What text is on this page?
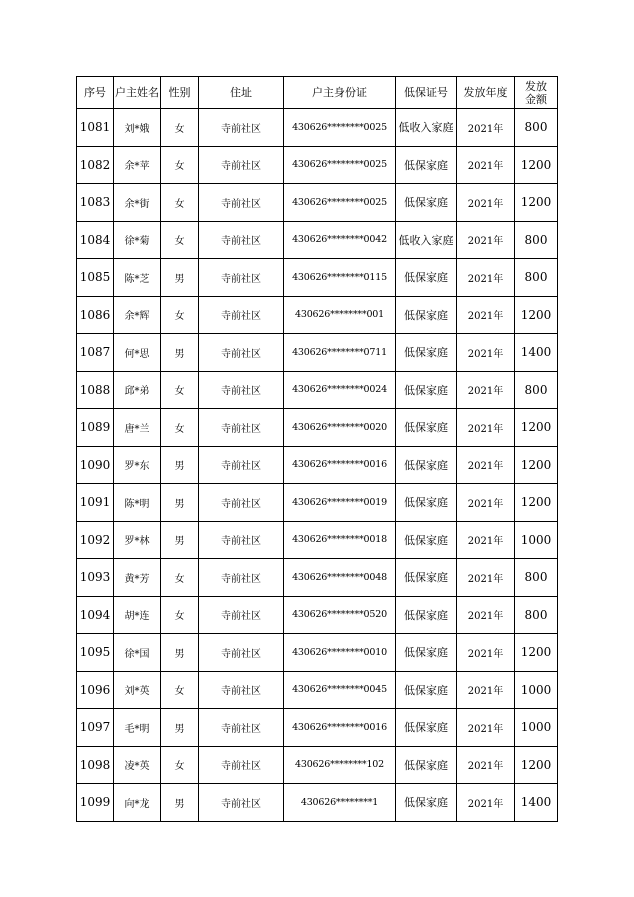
序号	户主姓名	性别	住址	户主身份证	低保证号	发放年度	发放
金额

1081	刘*娥	女	寺前社区	430626********0025	低收入家庭	2021年	800
1082	余*苹	女	寺前社区	430626********0025	低保家庭	2021年	1200
1083	余*街	女	寺前社区	430626********0025	低保家庭	2021年	1200
1084	徐*菊	女	寺前社区	430626********0042	低收入家庭	2021年	800
1085	陈*芝	男	寺前社区	430626********0115	低保家庭	2021年	800
1086	余*辉	女	寺前社区	430626********001	低保家庭	2021年	1200
1087	何*思	男	寺前社区	430626********0711	低保家庭	2021年	1400
1088	邱*弟	女	寺前社区	430626********0024	低保家庭	2021年	800
1089	唐*兰	女	寺前社区	430626********0020	低保家庭	2021年	1200
1090	罗*东	男	寺前社区	430626********0016	低保家庭	2021年	1200
1091	陈*明	男	寺前社区	430626********0019	低保家庭	2021年	1200
1092	罗*林	男	寺前社区	430626********0018	低保家庭	2021年	1000
1093	黄*芳	女	寺前社区	430626********0048	低保家庭	2021年	800
1094	胡*连	女	寺前社区	430626********0520	低保家庭	2021年	800
1095	徐*国	男	寺前社区	430626********0010	低保家庭	2021年	1200
1096	刘*英	女	寺前社区	430626********0045	低保家庭	2021年	1000
1097	毛*明	男	寺前社区	430626********0016	低保家庭	2021年	1000
1098	凌*英	女	寺前社区	430626********102	低保家庭	2021年	1200
1099	向*龙	男	寺前社区	430626********1	低保家庭	2021年	1400
